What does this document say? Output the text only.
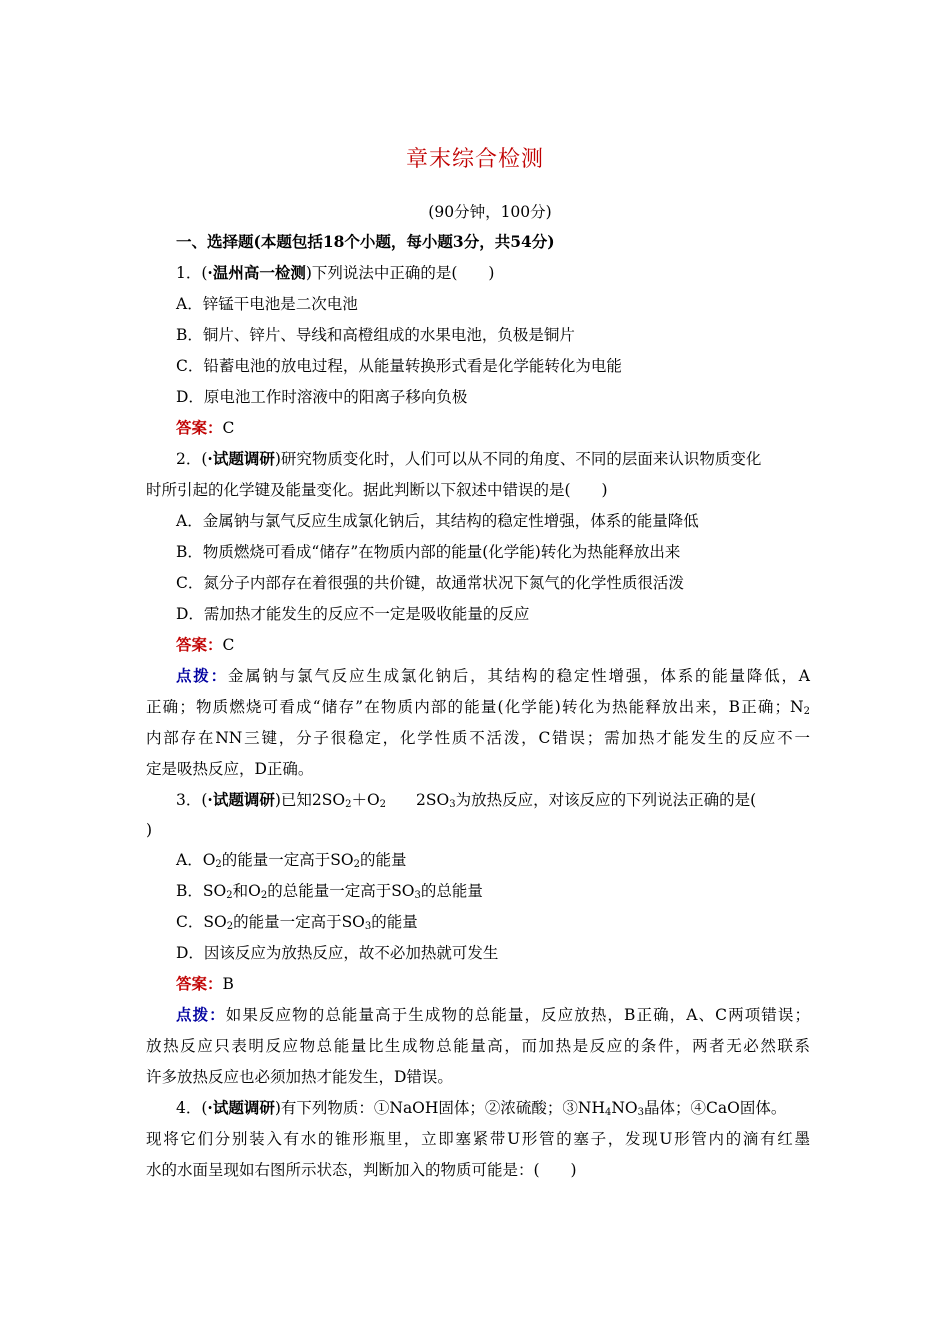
章末综合检测
(90分钟，100分)
一、选择题(本题包括18个小题，每小题3分，共54分)
1．(·温州高一检测)下列说法中正确的是(　　)
A．锌锰干电池是二次电池
B．铜片、锌片、导线和高橙组成的水果电池，负极是铜片
C．铅蓄电池的放电过程，从能量转换形式看是化学能转化为电能
D．原电池工作时溶液中的阳离子移向负极
答案：C
2．(·试题调研)研究物质变化时，人们可以从不同的角度、不同的层面来认识物质变化
时所引起的化学键及能量变化。据此判断以下叙述中错误的是(　　)
A．金属钠与氯气反应生成氯化钠后，其结构的稳定性增强，体系的能量降低
B．物质燃烧可看成“储存”在物质内部的能量(化学能)转化为热能释放出来
C．氮分子内部存在着很强的共价键，故通常状况下氮气的化学性质很活泼
D．需加热才能发生的反应不一定是吸收能量的反应
答案：C
点拨：金属钠与氯气反应生成氯化钠后，其结构的稳定性增强，体系的能量降低，A
正确；物质燃烧可看成“储存”在物质内部的能量(化学能)转化为热能释放出来，B正确；$N_2$
内部存在NN三键，分子很稳定，化学性质不活泼，C错误；需加热才能发生的反应不一
定是吸热反应，D正确。
3．(·试题调研)已知$2SO_2+O_2$ $2SO_3$为放热反应，对该反应的下列说法正确的是(
)
A．$O_2$的能量一定高于$SO_2$的能量
B．$SO_2$和$O_2$的总能量一定高于$SO_3$的总能量
C．$SO_2$的能量一定高于$SO_3$的能量
D．因该反应为放热反应，故不必加热就可发生
答案：B
点拨：如果反应物的总能量高于生成物的总能量，反应放热，B正确，A、C两项错误；
放热反应只表明反应物总能量比生成物总能量高，而加热是反应的条件，两者无必然联系
许多放热反应也必须加热才能发生，D错误。
4．(·试题调研)有下列物质：①NaOH固体；②浓硫酸；$③NH_4NO_3$晶体；④CaO固体。
现将它们分别装入有水的锥形瓶里，立即塞紧带U形管的塞子，发现U形管内的滴有红墨
水的水面呈现如右图所示状态，判断加入的物质可能是：(　　)
